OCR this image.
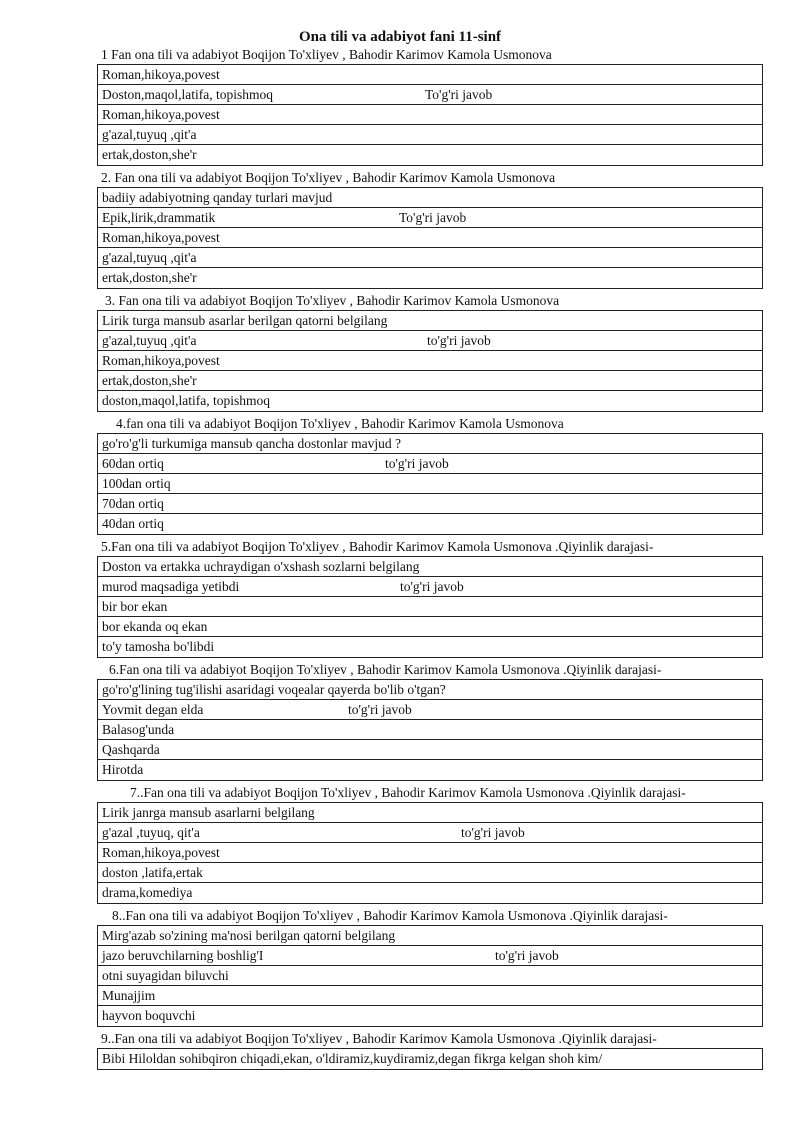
Ona tili va adabiyot fani 11-sinf
1 Fan ona tili va adabiyot Boqijon To'xliyev , Bahodir Karimov Kamola Usmonova
Roman,hikoya,povest
Doston,maqol,latifa, topishmoq	To'g'ri javob
Roman,hikoya,povest
g'azal,tuyuq ,qit'a
ertak,doston,she'r
2. Fan ona tili va adabiyot Boqijon To'xliyev , Bahodir Karimov Kamola Usmonova
badiiy adabiyotning qanday turlari mavjud
Epik,lirik,drammatik	To'g'ri javob
Roman,hikoya,povest
g'azal,tuyuq ,qit'a
ertak,doston,she'r
3. Fan ona tili va adabiyot Boqijon To'xliyev , Bahodir Karimov Kamola Usmonova
Lirik turga mansub asarlar berilgan qatorni belgilang
g'azal,tuyuq ,qit'a	to'g'ri javob
Roman,hikoya,povest
ertak,doston,she'r
doston,maqol,latifa, topishmoq
4.fan ona tili va adabiyot Boqijon To'xliyev , Bahodir Karimov Kamola Usmonova
go'ro'g'li turkumiga mansub qancha dostonlar mavjud ?
60dan ortiq	to'g'ri javob
100dan ortiq
70dan ortiq
40dan ortiq
5.Fan ona tili va adabiyot Boqijon To'xliyev , Bahodir Karimov Kamola Usmonova .Qiyinlik darajasi-
Doston va ertakka uchraydigan o'xshash sozlarni belgilang
murod maqsadiga yetibdi	to'g'ri javob
bir bor ekan
bor ekanda oq ekan
to'y tamosha bo'libdi
6.Fan ona tili va adabiyot Boqijon To'xliyev , Bahodir Karimov Kamola Usmonova .Qiyinlik darajasi-
go'ro'g'lining tug'ilishi asaridagi voqealar qayerda bo'lib o'tgan?
Yovmit degan elda	to'g'ri javob
Balasog'unda
Qashqarda
Hirotda
7..Fan ona tili va adabiyot Boqijon To'xliyev , Bahodir Karimov Kamola Usmonova .Qiyinlik darajasi-
Lirik janrga mansub asarlarni belgilang
g'azal ,tuyuq, qit'a	to'g'ri javob
Roman,hikoya,povest
doston ,latifa,ertak
drama,komediya
8..Fan ona tili va adabiyot Boqijon To'xliyev , Bahodir Karimov Kamola Usmonova .Qiyinlik darajasi-
Mirg'azab so'zining ma'nosi berilgan qatorni belgilang
jazo beruvchilarning boshlig'I	to'g'ri javob
otni suyagidan biluvchi
Munajjim
hayvon boquvchi
9..Fan ona tili va adabiyot Boqijon To'xliyev , Bahodir Karimov Kamola Usmonova .Qiyinlik darajasi-
Bibi Hiloldan sohibqiron chiqadi,ekan, o'ldiramiz,kuydiramiz,degan fikrga kelgan shoh kim/
